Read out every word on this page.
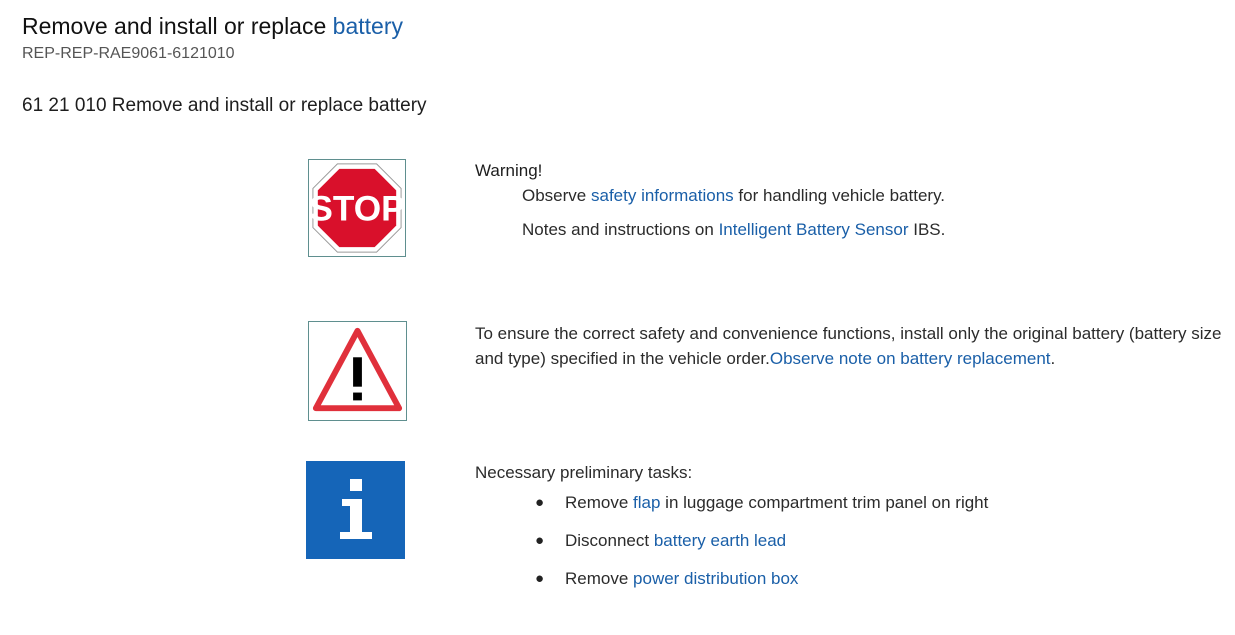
Remove and install or replace battery
REP-REP-RAE9061-6121010
61 21 010 Remove and install or replace battery
STOP
Warning!
Observe safety informations for handling vehicle battery.
Notes and instructions on Intelligent Battery Sensor IBS.
To ensure the correct safety and convenience functions, install only the original battery (battery size and type) specified in the vehicle order.Observe note on battery replacement.
Necessary preliminary tasks:
● Remove flap in luggage compartment trim panel on right
● Disconnect battery earth lead
● Remove power distribution box
